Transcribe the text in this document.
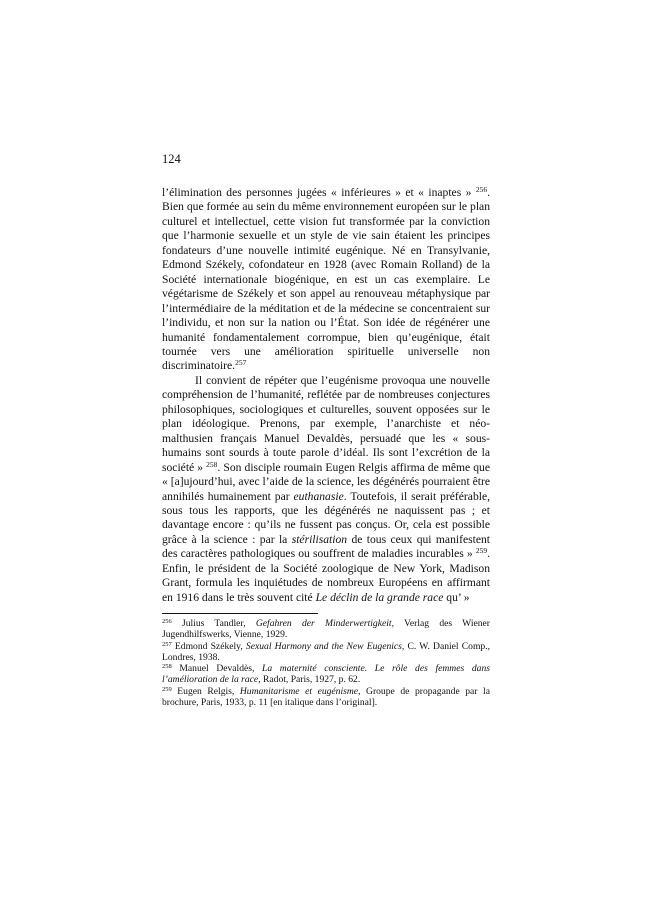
124

l’élimination des personnes jugées « inférieures » et « inaptes » $^{256}$. Bien que formée au sein du même environnement européen sur le plan culturel et intellectuel, cette vision fut transformée par la conviction que l’harmonie sexuelle et un style de vie sain étaient les principes fondateurs d’une nouvelle intimité eugénique. Né en Transylvanie, Edmond Székely, cofondateur en 1928 (avec Romain Rolland) de la Société internationale biogénique, en est un cas exemplaire. Le végétarisme de Székely et son appel au renouveau métaphysique par l’intermédiaire de la méditation et de la médecine se concentraient sur l’individu, et non sur la nation ou l’État. Son idée de régénérer une humanité fondamentalement corrompue, bien qu’eugénique, était tournée vers une amélioration spirituelle universelle non discriminatoire.$^{257}$

Il convient de répéter que l’eugénisme provoqua une nouvelle compréhension de l’humanité, reflétée par de nombreuses conjectures philosophiques, sociologiques et culturelles, souvent opposées sur le plan idéologique. Prenons, par exemple, l’anarchiste et néo-malthusien français Manuel Devaldès, persuadé que les « sous-humains sont sourds à toute parole d’idéal. Ils sont l’excrétion de la société » $^{258}$. Son disciple roumain Eugen Relgis affirma de même que « [a]ujourd’hui, avec l’aide de la science, les dégénérés pourraient être annihilés humainement par euthanasie. Toutefois, il serait préférable, sous tous les rapports, que les dégénérés ne naquissent pas ; et davantage encore : qu’ils ne fussent pas conçus. Or, cela est possible grâce à la science : par la stérilisation de tous ceux qui manifestent des caractères pathologiques ou souffrent de maladies incurables » $^{259}$. Enfin, le président de la Société zoologique de New York, Madison Grant, formula les inquiétudes de nombreux Européens en affirmant en 1916 dans le très souvent cité Le déclin de la grande race qu’ »

$^{256}$ Julius Tandler, Gefahren der Minderwertigkeit, Verlag des Wiener Jugendhilfswerks, Vienne, 1929.

$^{257}$ Edmond Székely, Sexual Harmony and the New Eugenics, C. W. Daniel Comp., Londres, 1938.

$^{258}$ Manuel Devaldès, La maternité consciente. Le rôle des femmes dans l’amélioration de la race, Radot, Paris, 1927, p. 62.

$^{259}$ Eugen Relgis, Humanitarisme et eugénisme, Groupe de propagande par la brochure, Paris, 1933, p. 11 [en italique dans l’original].
